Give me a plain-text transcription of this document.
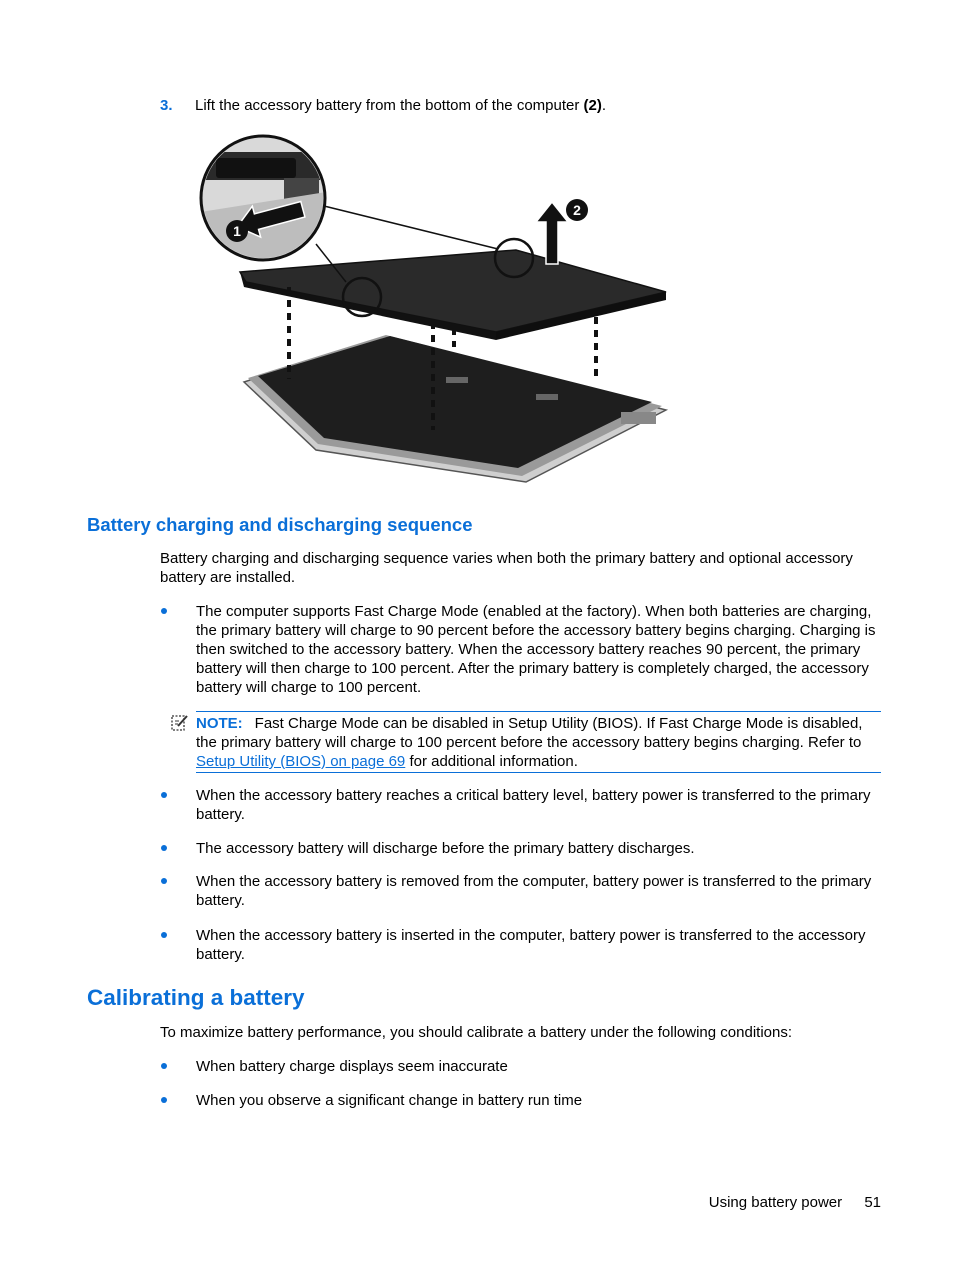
3. Lift the accessory battery from the bottom of the computer (2).
1
2
Battery charging and discharging sequence

Battery charging and discharging sequence varies when both the primary battery and optional accessory battery are installed.

The computer supports Fast Charge Mode (enabled at the factory). When both batteries are charging, the primary battery will charge to 90 percent before the accessory battery begins charging. Charging is then switched to the accessory battery. When the accessory battery reaches 90 percent, the primary battery will then charge to 100 percent. After the primary battery is completely charged, the accessory battery will charge to 100 percent.

NOTE: Fast Charge Mode can be disabled in Setup Utility (BIOS). If Fast Charge Mode is disabled, the primary battery will charge to 100 percent before the accessory battery begins charging. Refer to Setup Utility (BIOS) on page 69 for additional information.

When the accessory battery reaches a critical battery level, battery power is transferred to the primary battery.

The accessory battery will discharge before the primary battery discharges.

When the accessory battery is removed from the computer, battery power is transferred to the primary battery.

When the accessory battery is inserted in the computer, battery power is transferred to the accessory battery.

Calibrating a battery

To maximize battery performance, you should calibrate a battery under the following conditions:

When battery charge displays seem inaccurate

When you observe a significant change in battery run time

Using battery power 51
